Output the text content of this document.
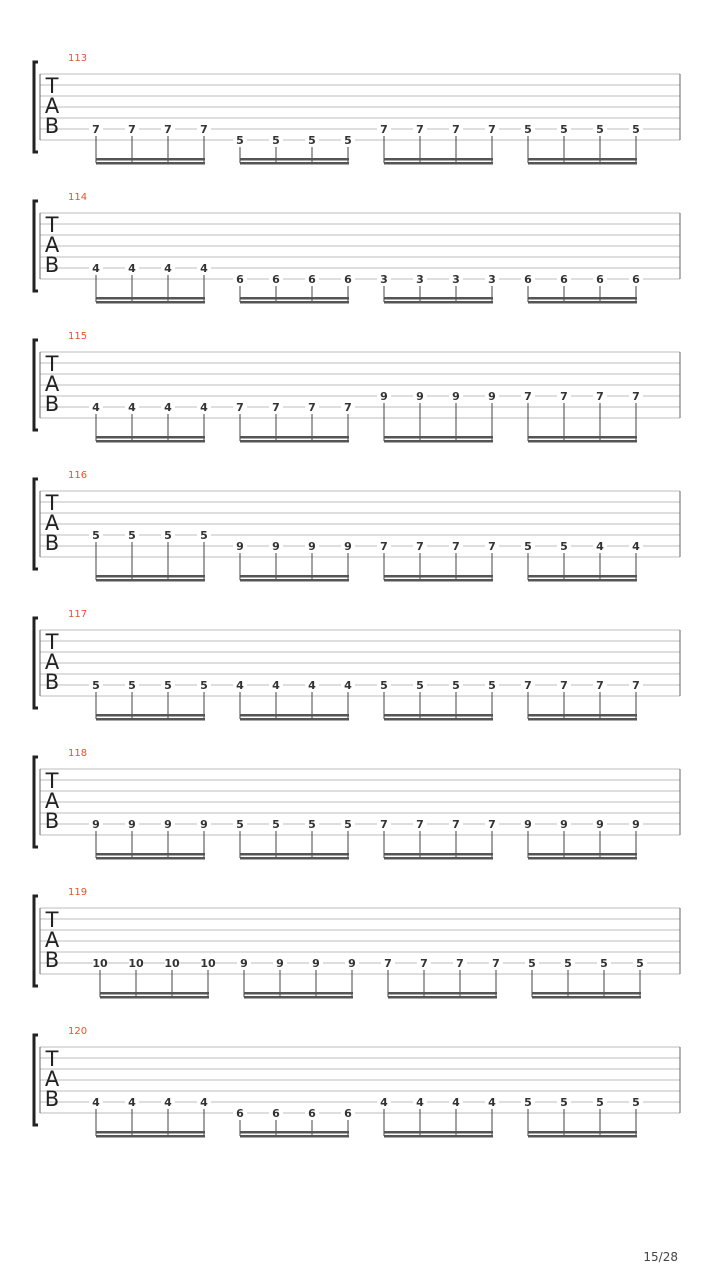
113
T
A
B	7	7	7	7
5	5	5	5
7	7	7	7	5	5	5	5
114
T
A
B	4	4	4	4
6	6	6	6	3	3	3	3	6	6	6	6
115
T
A
B	4	4	4	4	7	7	7	7
9	9	9	9	7	7	7	7
116
T
A
B	5	5	5	5
9	9	9	9	7	7	7	7	5	5	4	4
117
T
A
B	5	5	5	5	4	4	4	4	5	5	5	5	7	7	7	7
118
T
A
B	9	9	9	9	5	5	5	5	7	7	7	7	9	9	9	9
119
T
A
B	10 10 10 10 9	9	9	9	7	7	7	7	5	5	5	5
120
T
A
B	4	4	4	4
6	6	6	6
4	4	4	4	5	5	5	5
15/28
